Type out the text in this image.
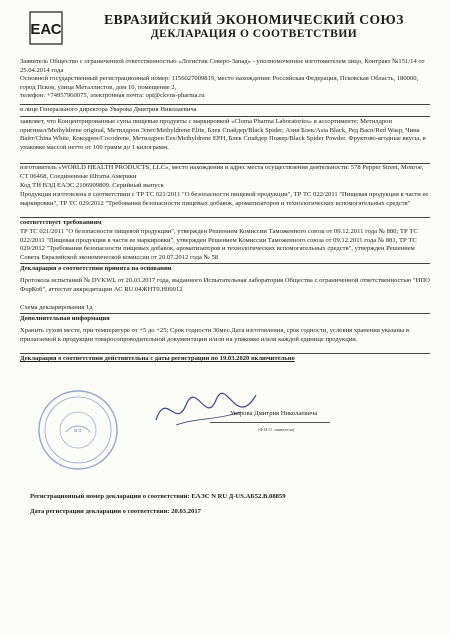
ЕАС
ЕВРАЗИЙСКИЙ ЭКОНОМИЧЕСКИЙ СОЮЗ
ДЕКЛАРАЦИЯ О СООТВЕТСТВИИ

Заявитель Общество с ограниченной ответственностью «Логистик Северо-Запад» - уполномоченное изготовителем лицо, Контракт №151/14 от 25.04.2014 года

Основной государственный регистрационный номер: 1156027009819, место нахождения: Российская Федерация, Псковская Область, 180000, город Псков, улица Металлистов, дом 10, помещение 2,

телефон: +74957960075, электронная почта: opt@ckvns-pharma.ru

в лице Генерального директора Уварова Дмитрия Николаевича

заявляет, что Концентрированные супы пищевые продукты с маркировкой «Cloma Pharma Laboratories» в ассортименте: Метилдрон оригинал/Methyldrene original, Метилдрон Элит/Methyldrene Elite, Блек Спайдер/Black Spider, Азия Блек/Asia Black, Ред Васп/Red Wasp, Чина Вайт/China White, Кокодрен/Cocodrene, Метилдрен Еех/Methyldrene EPH, Блек Спайдер Пожер/Black Spider Powder. Фруктово-ягодные вкусы, в упаковке массой нетто от 100 грамм до 1 килограмм.

изготовитель «WORLD HEALTH PRODUCTS, LLC», место нахождения и адрес места осуществления деятельности: 578 Pepper Street, Monroe, CT 06468, Соединенные Штаты Америки

Код ТН ВЭД ЕАЭС 2106909809. Серийный выпуск

Продукция изготовлена в соответствии с ТР ТС 021/2011 "О безопасности пищевой продукции", ТР ТС 022/2011 "Пищевая продукция в части ее маркировки", ТР ТС 029/2012 "Требования безопасности пищевых добавок, ароматизаторов и технологических вспомогательных средств"

соответствует требованиям

ТР ТС 021/2011 "О безопасности пищевой продукции", утвержден Решением Комиссии Таможенного союза от 09.12.2011 года № 880; ТР ТС 022/2011 "Пищевая продукция в части ее маркировки", утвержден Решением Комиссии Таможенного союза от 09.12.2011 года № 881, ТР ТС 029/2012 "Требования безопасности пищевых добавок, ароматизаторов и технологических вспомогательных средств", утвержден Решением Совета Евразийской экономической комиссии от 20.07.2012 года № 58

Декларация о соответствии принята на основании

Протокола испытаний № DVKWL от 20.03.2017 года, выданного Испытательная лаборатория Общества с ограниченной ответственностью "НПО ФорКоб", аттестат аккредитации АС RU.04ЖНТ0.Н00012

Схема декларирования 1д

Дополнительная информация

Хранить сухом месте, при температуре от +5 до +25; Срок годности 36мес.Дата изготовления, срок годности, условия хранения указаны в прилагаемой к продукции товаросопроводительной документации и/или на упаковке и/или каждой единице продукции.

Декларация о соответствии действительна с даты регистрации по 19.03.2020 включительно

М.П.
Уварова Дмитрия Николаевича
(Ф.И.О. заявителя)
Регистрационный номер декларации о соответствии: ЕАЭС N RU Д-US.АБ52.В.08859
Дата регистрации декларации о соответствии: 20.03.2017
